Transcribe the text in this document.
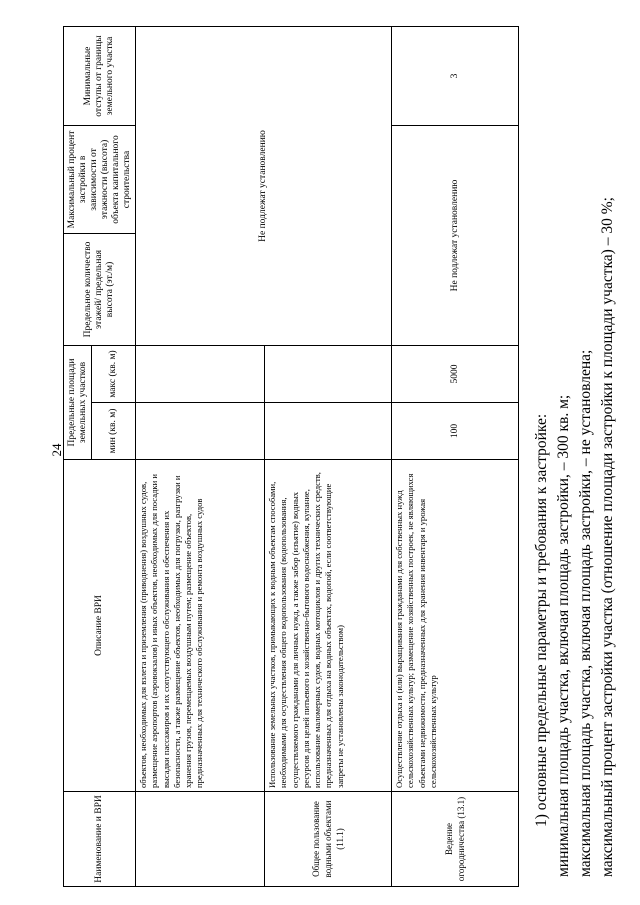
24
Наименование и ВРИ	Описание ВРИ	Предельные площади земельных участков		Предельное количество этажей/ предельная высота (эт./м)	Максимальный процент застройки в зависимости от этажности (высота) объекта капитального строительства	Минимальные отступы от границы земельного участка
		мин (кв. м)	макс (кв. м)			
	объектов, необходимых для взлета и приземления (приводнения) воздушных судов, размещение аэропортов (аэровокзалов) и иных объектов, необходимых для посадки и высадки пассажиров и их сопутствующего обслуживания и обеспечения их безопасности, а также размещение объектов, необходимых для погрузки, разгрузки и хранения грузов, перемещаемых воздушным путем; размещение объектов, предназначенных для технического обслуживания и ремонта воздушных судов			Не подлежат установлению		
Общее пользование водными объектами (11.1)	Использование земельных участков, примыкающих к водным объектам способами, необходимыми для осуществления общего водопользования (водопользования, осуществляемого гражданами для личных нужд, а также забор (изъятие) водных ресурсов для целей питьевого и хозяйственно-бытового водоснабжения, купание, использование маломерных судов, водных мотоциклов и других технических средств, предназначенных для отдыха на водных объектах, водопой, если соответствующие запреты не установлены законодательством)					
Ведение огородничества (13.1)	Осуществление отдыха и (или) выращивания гражданами для собственных нужд сельскохозяйственных культур; размещение хозяйственных построек, не являющихся объектами недвижимости, предназначенных для хранения инвентаря и урожая сельскохозяйственных культур	100	5000	Не подлежат установлению		3
1) основные предельные параметры и требования к застройке: минимальная площадь участка, включая площадь застройки, – 300 кв. м; максимальная площадь участка, включая площадь застройки, – не установлена; максимальный процент застройки участка (отношение площади застройки к площади участка) – 30 %;
